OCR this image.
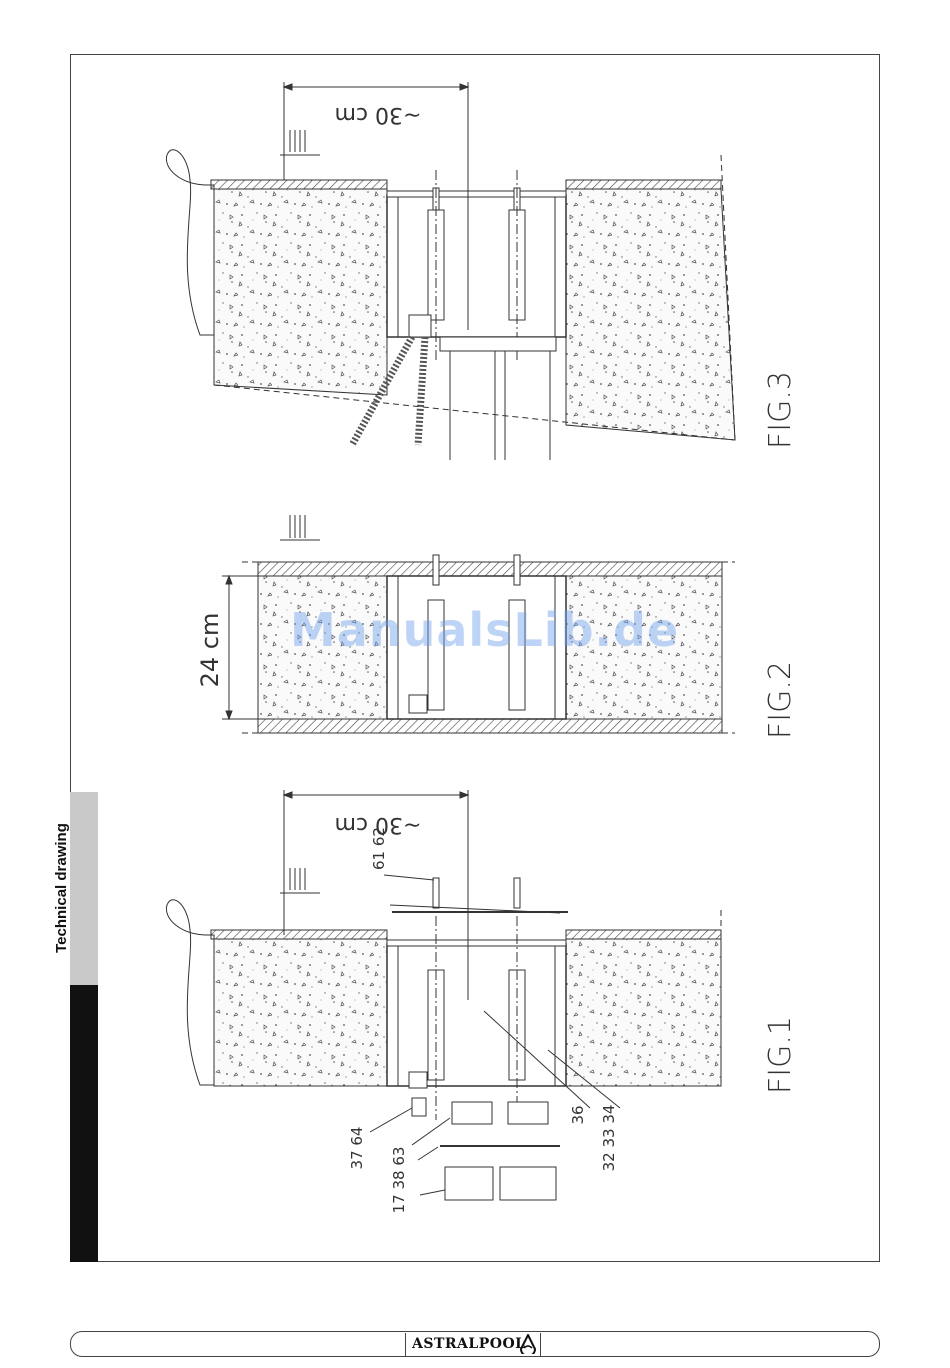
FIG. 1 - 2 - 3
Technical drawing
FIG.1
FIG.2
FIG.3
~30 cm
~30 cm
24 cm
61 62
37 64 17 38 63
36 32 33 34
ManualsLib.de
ASTRALPOOL
